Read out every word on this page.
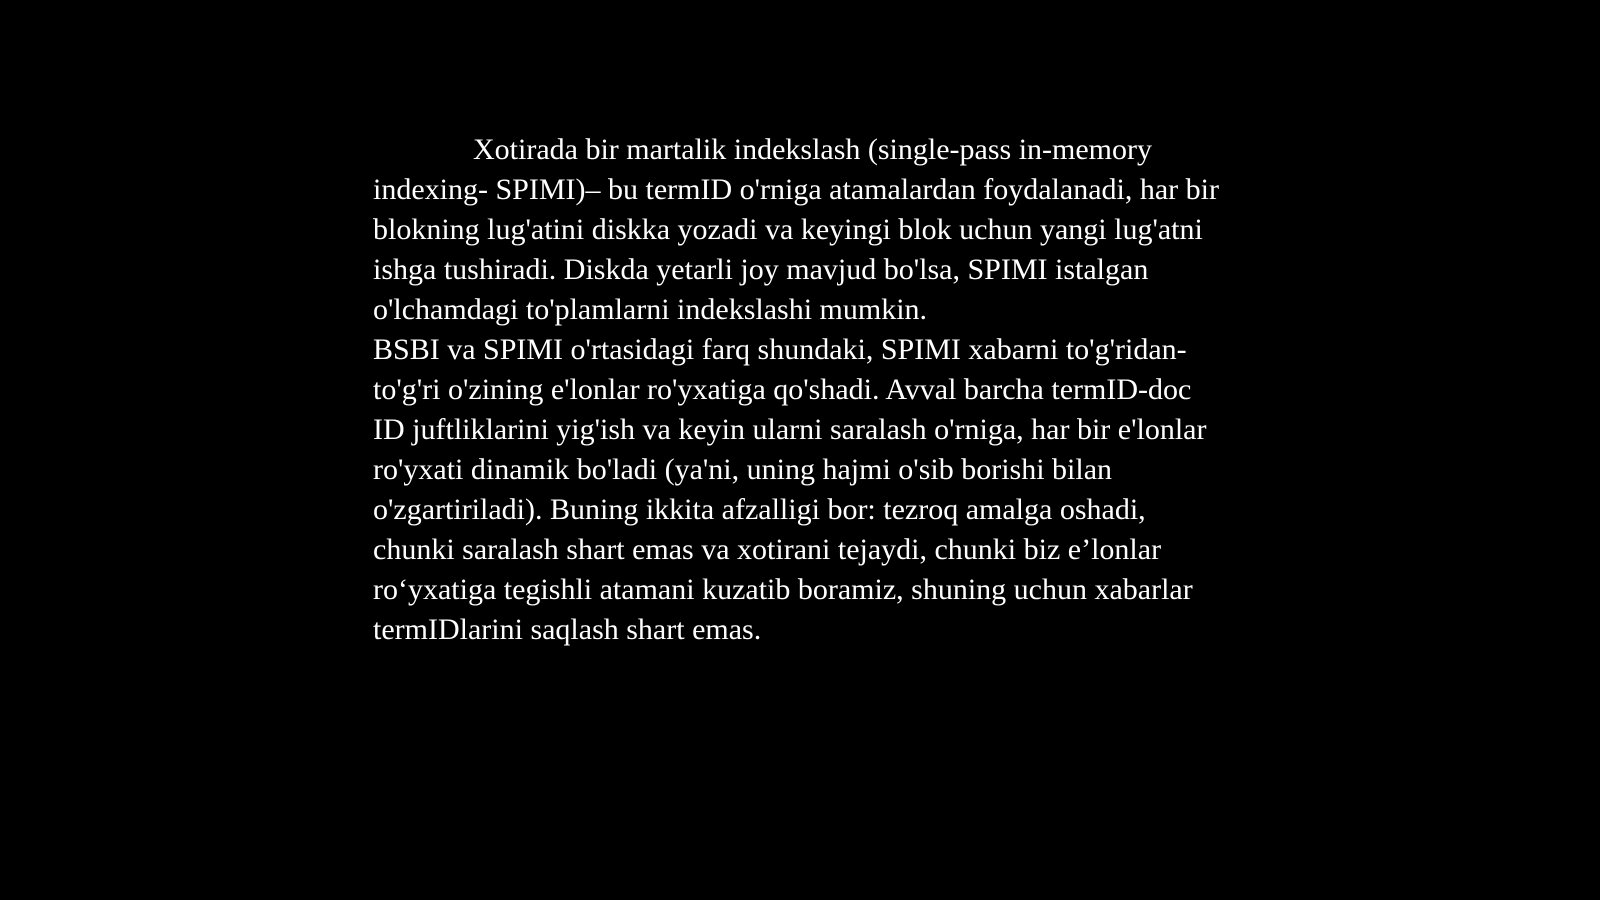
Xotirada bir martalik indekslash (single-pass in-memory indexing- SPIMI)– bu termID o'rniga atamalardan foydalanadi, har bir blokning lug'atini diskka yozadi va keyingi blok uchun yangi lug'atni ishga tushiradi. Diskda yetarli joy mavjud bo'lsa, SPIMI istalgan o'lchamdagi to'plamlarni indekslashi mumkin.

BSBI va SPIMI o'rtasidagi farq shundaki, SPIMI xabarni to'g'ridan-to'g'ri o'zining e'lonlar ro'yxatiga qo'shadi. Avval barcha termID-doc ID juftliklarini yig'ish va keyin ularni saralash o'rniga, har bir e'lonlar ro'yxati dinamik bo'ladi (ya'ni, uning hajmi o'sib borishi bilan o'zgartiriladi). Buning ikkita afzalligi bor: tezroq amalga oshadi, chunki saralash shart emas va xotirani tejaydi, chunki biz e’lonlar ro‘yxatiga tegishli atamani kuzatib boramiz, shuning uchun xabarlar termIDlarini saqlash shart emas.
